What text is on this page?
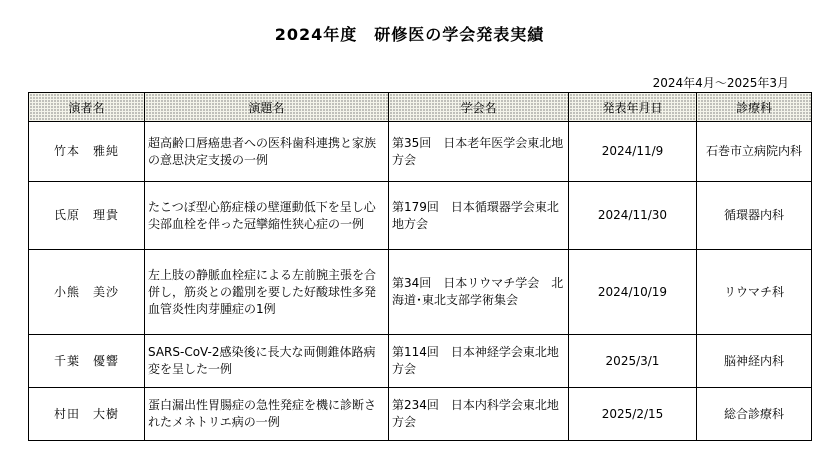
2024年度　研修医の学会発表実績
2024年4月～2025年3月
演者名	演題名	学会名	発表年月日	診療科
竹本　雅純	超高齢口唇癌患者への医科歯科連携と家族の意思決定支援の一例	第35回　日本老年医学会東北地方会	2024/11/9	石巻市立病院内科
氏原　理貴	たこつぼ型心筋症様の壁運動低下を呈し心尖部血栓を伴った冠攣縮性狭心症の一例	第179回　日本循環器学会東北地方会	2024/11/30	循環器内科
小熊　美沙	左上肢の静脈血栓症による左前腕主張を合併し，筋炎との鑑別を要した好酸球性多発血管炎性肉芽腫症の1例	第34回　日本リウマチ学会　北海道･東北支部学術集会	2024/10/19	リウマチ科
千葉　優響	SARS-CoV-2感染後に長大な両側錐体路病変を呈した一例	第114回　日本神経学会東北地方会	2025/3/1	脳神経内科
村田　大樹	蛋白漏出性胃腸症の急性発症を機に診断されたメネトリエ病の一例	第234回　日本内科学会東北地方会	2025/2/15	総合診療科
